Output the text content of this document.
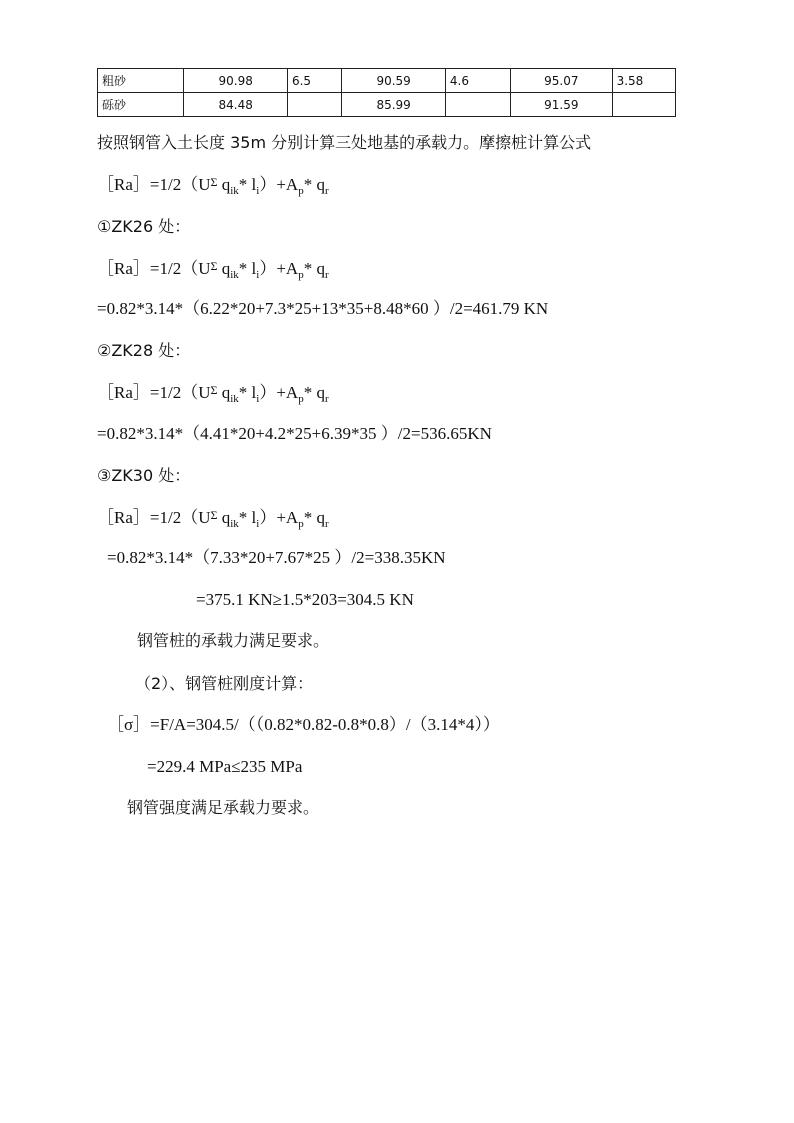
粗砂	90.98	6.5	90.59	4.6	95.07	3.58
砾砂	84.48		85.99		91.59	
按照钢管入土长度 35m 分别计算三处地基的承载力。摩擦桩计算公式
$[Ra]=1/2(U^\Sigma$ $q_{ik}*$ $l_i)+A_p*$ $q_r$
①ZK26 处：
$[Ra]=1/2(U^\Sigma$ $q_{ik}*$ $l_i)+A_p*$ $q_r$
=0.82*3.14*（6.22*20+7.3*25+13*35+8.48*60 ）/2=461.79 KN
②ZK28 处：
$[Ra]=1/2(U^\Sigma$ $q_{ik}*$ $l_i)+A_p*$ $q_r$
=0.82*3.14*（4.41*20+4.2*25+6.39*35 ）/2=536.65KN
③ZK30 处：
$[Ra]=1/2(U^\Sigma$ $q_{ik}*$ $l_i)+A_p*$ $q_r$
=0.82*3.14*（7.33*20+7.67*25 ）/2=338.35KN
=375.1 KN≥1.5*203=304.5 KN
钢管桩的承载力满足要求。
（2）、钢管桩刚度计算：
［σ］=F/A=304.5/（（0.82*0.82-0.8*0.8）/（3.14*4））
=229.4 MPa≤235 MPa
钢管强度满足承载力要求。
